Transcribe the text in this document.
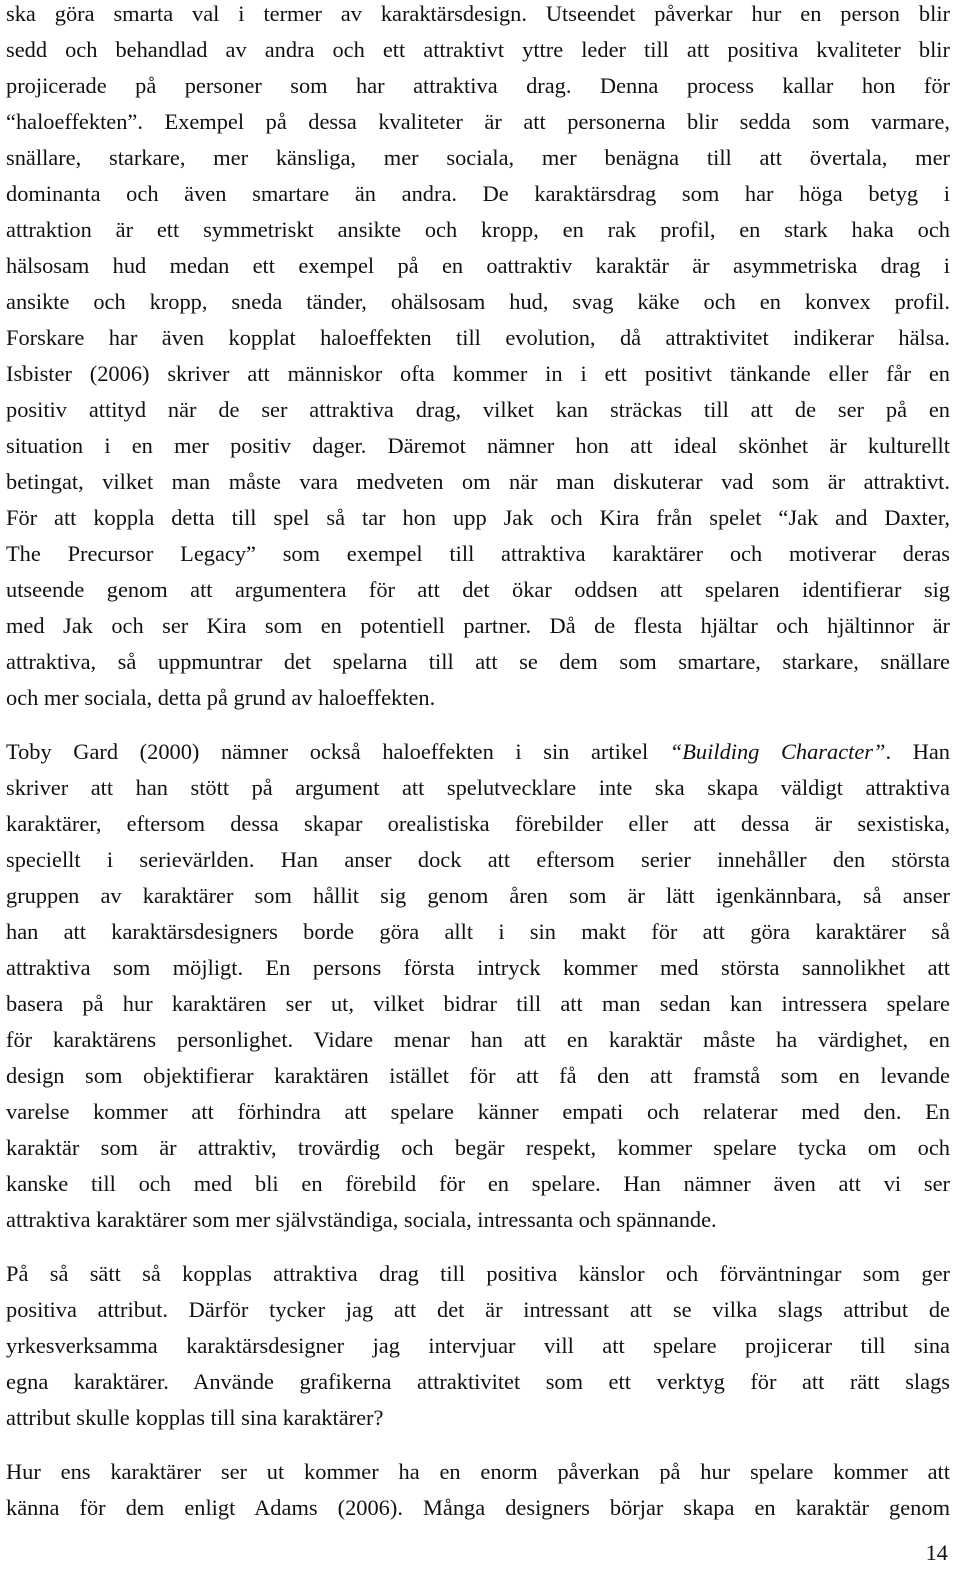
ska göra smarta val i termer av karaktärsdesign. Utseendet påverkar hur en person blir
sedd och behandlad av andra och ett attraktivt yttre leder till att positiva kvaliteter blir
projicerade på personer som har attraktiva drag. Denna process kallar hon för
“haloeffekten”. Exempel på dessa kvaliteter är att personerna blir sedda som varmare,
snällare, starkare, mer känsliga, mer sociala, mer benägna till att övertala, mer
dominanta och även smartare än andra. De karaktärsdrag som har höga betyg i
attraktion är ett symmetriskt ansikte och kropp, en rak profil, en stark haka och
hälsosam hud medan ett exempel på en oattraktiv karaktär är asymmetriska drag i
ansikte och kropp, sneda tänder, ohälsosam hud, svag käke och en konvex profil.
Forskare har även kopplat haloeffekten till evolution, då attraktivitet indikerar hälsa.
Isbister (2006) skriver att människor ofta kommer in i ett positivt tänkande eller får en
positiv attityd när de ser attraktiva drag, vilket kan sträckas till att de ser på en
situation i en mer positiv dager. Däremot nämner hon att ideal skönhet är kulturellt
betingat, vilket man måste vara medveten om när man diskuterar vad som är attraktivt.
För att koppla detta till spel så tar hon upp Jak och Kira från spelet “Jak and Daxter,
The Precursor Legacy” som exempel till attraktiva karaktärer och motiverar deras
utseende genom att argumentera för att det ökar oddsen att spelaren identifierar sig
med Jak och ser Kira som en potentiell partner. Då de flesta hjältar och hjältinnor är
attraktiva, så uppmuntrar det spelarna till att se dem som smartare, starkare, snällare
och mer sociala, detta på grund av haloeffekten.

Toby Gard (2000) nämner också haloeffekten i sin artikel “Building Character”. Han
skriver att han stött på argument att spelutvecklare inte ska skapa väldigt attraktiva
karaktärer, eftersom dessa skapar orealistiska förebilder eller att dessa är sexistiska,
speciellt i serievärlden. Han anser dock att eftersom serier innehåller den största
gruppen av karaktärer som hållit sig genom åren som är lätt igenkännbara, så anser
han att karaktärsdesigners borde göra allt i sin makt för att göra karaktärer så
attraktiva som möjligt. En persons första intryck kommer med största sannolikhet att
basera på hur karaktären ser ut, vilket bidrar till att man sedan kan intressera spelare
för karaktärens personlighet. Vidare menar han att en karaktär måste ha värdighet, en
design som objektifierar karaktären istället för att få den att framstå som en levande
varelse kommer att förhindra att spelare känner empati och relaterar med den. En
karaktär som är attraktiv, trovärdig och begär respekt, kommer spelare tycka om och
kanske till och med bli en förebild för en spelare. Han nämner även att vi ser
attraktiva karaktärer som mer självständiga, sociala, intressanta och spännande.

På så sätt så kopplas attraktiva drag till positiva känslor och förväntningar som ger
positiva attribut. Därför tycker jag att det är intressant att se vilka slags attribut de
yrkesverksamma karaktärsdesigner jag intervjuar vill att spelare projicerar till sina
egna karaktärer. Använde grafikerna attraktivitet som ett verktyg för att rätt slags
attribut skulle kopplas till sina karaktärer?

Hur ens karaktärer ser ut kommer ha en enorm påverkan på hur spelare kommer att
känna för dem enligt Adams (2006). Många designers börjar skapa en karaktär genom

14
